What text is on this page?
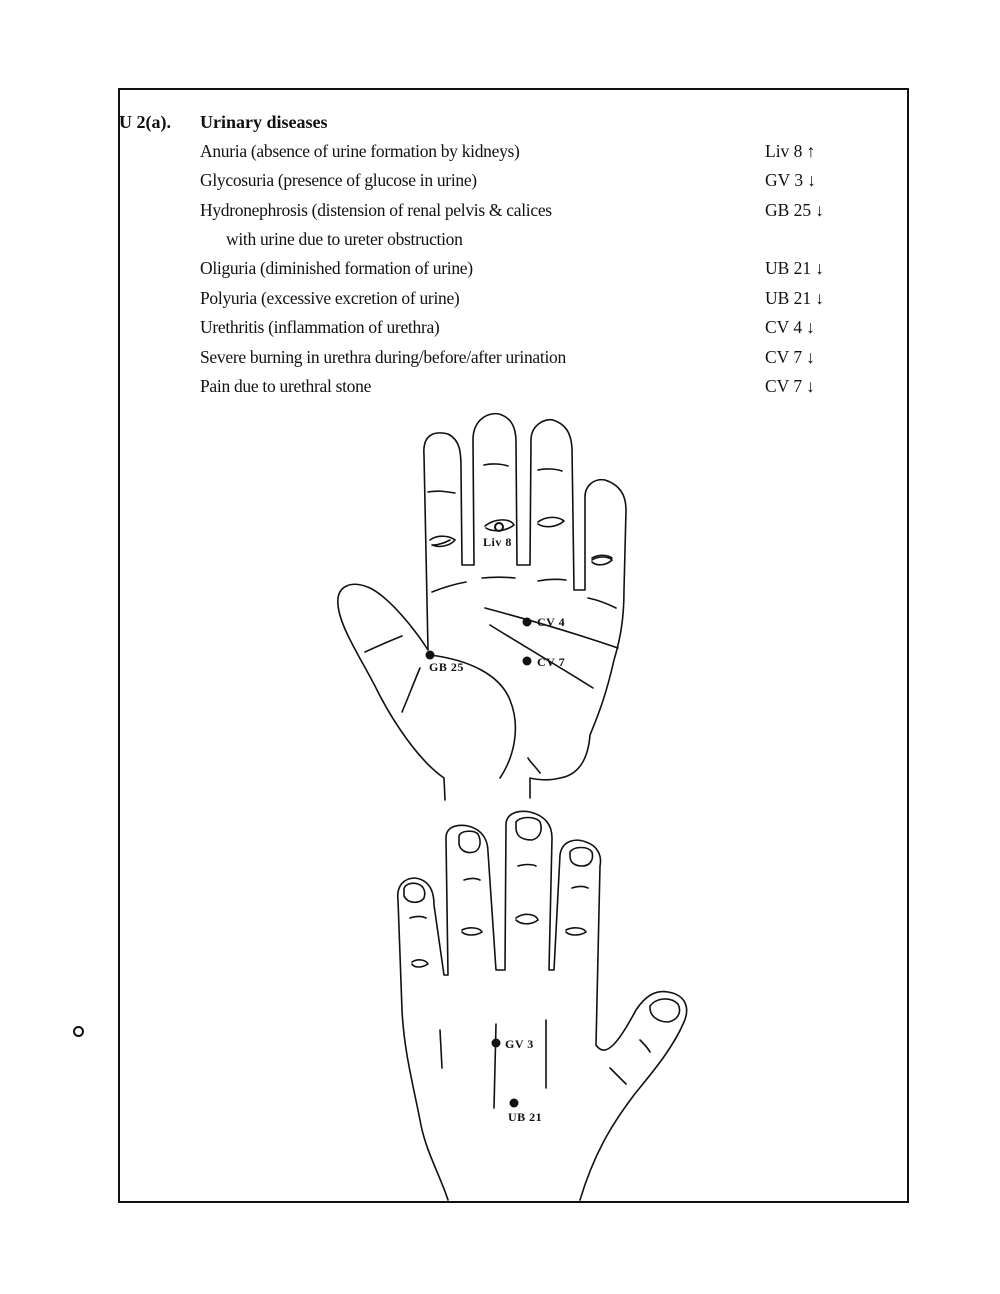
U 2(a). Urinary diseases
Anuria (absence of urine formation by kidneys)	Liv 8 ↑
Glycosuria (presence of glucose in urine)	GV 3 ↓
Hydronephrosis (distension of renal pelvis & calices	GB 25 ↓
with urine due to ureter obstruction
Oliguria (diminished formation of urine)	UB 21 ↓
Polyuria (excessive excretion of urine)	UB 21 ↓
Urethritis (inflammation of urethra)	CV 4 ↓
Severe burning in urethra during/before/after urination	CV 7 ↓
Pain due to urethral stone	CV 7 ↓
Liv 8
CV 4
GB 25	CV 7
GV 3
UB 21
